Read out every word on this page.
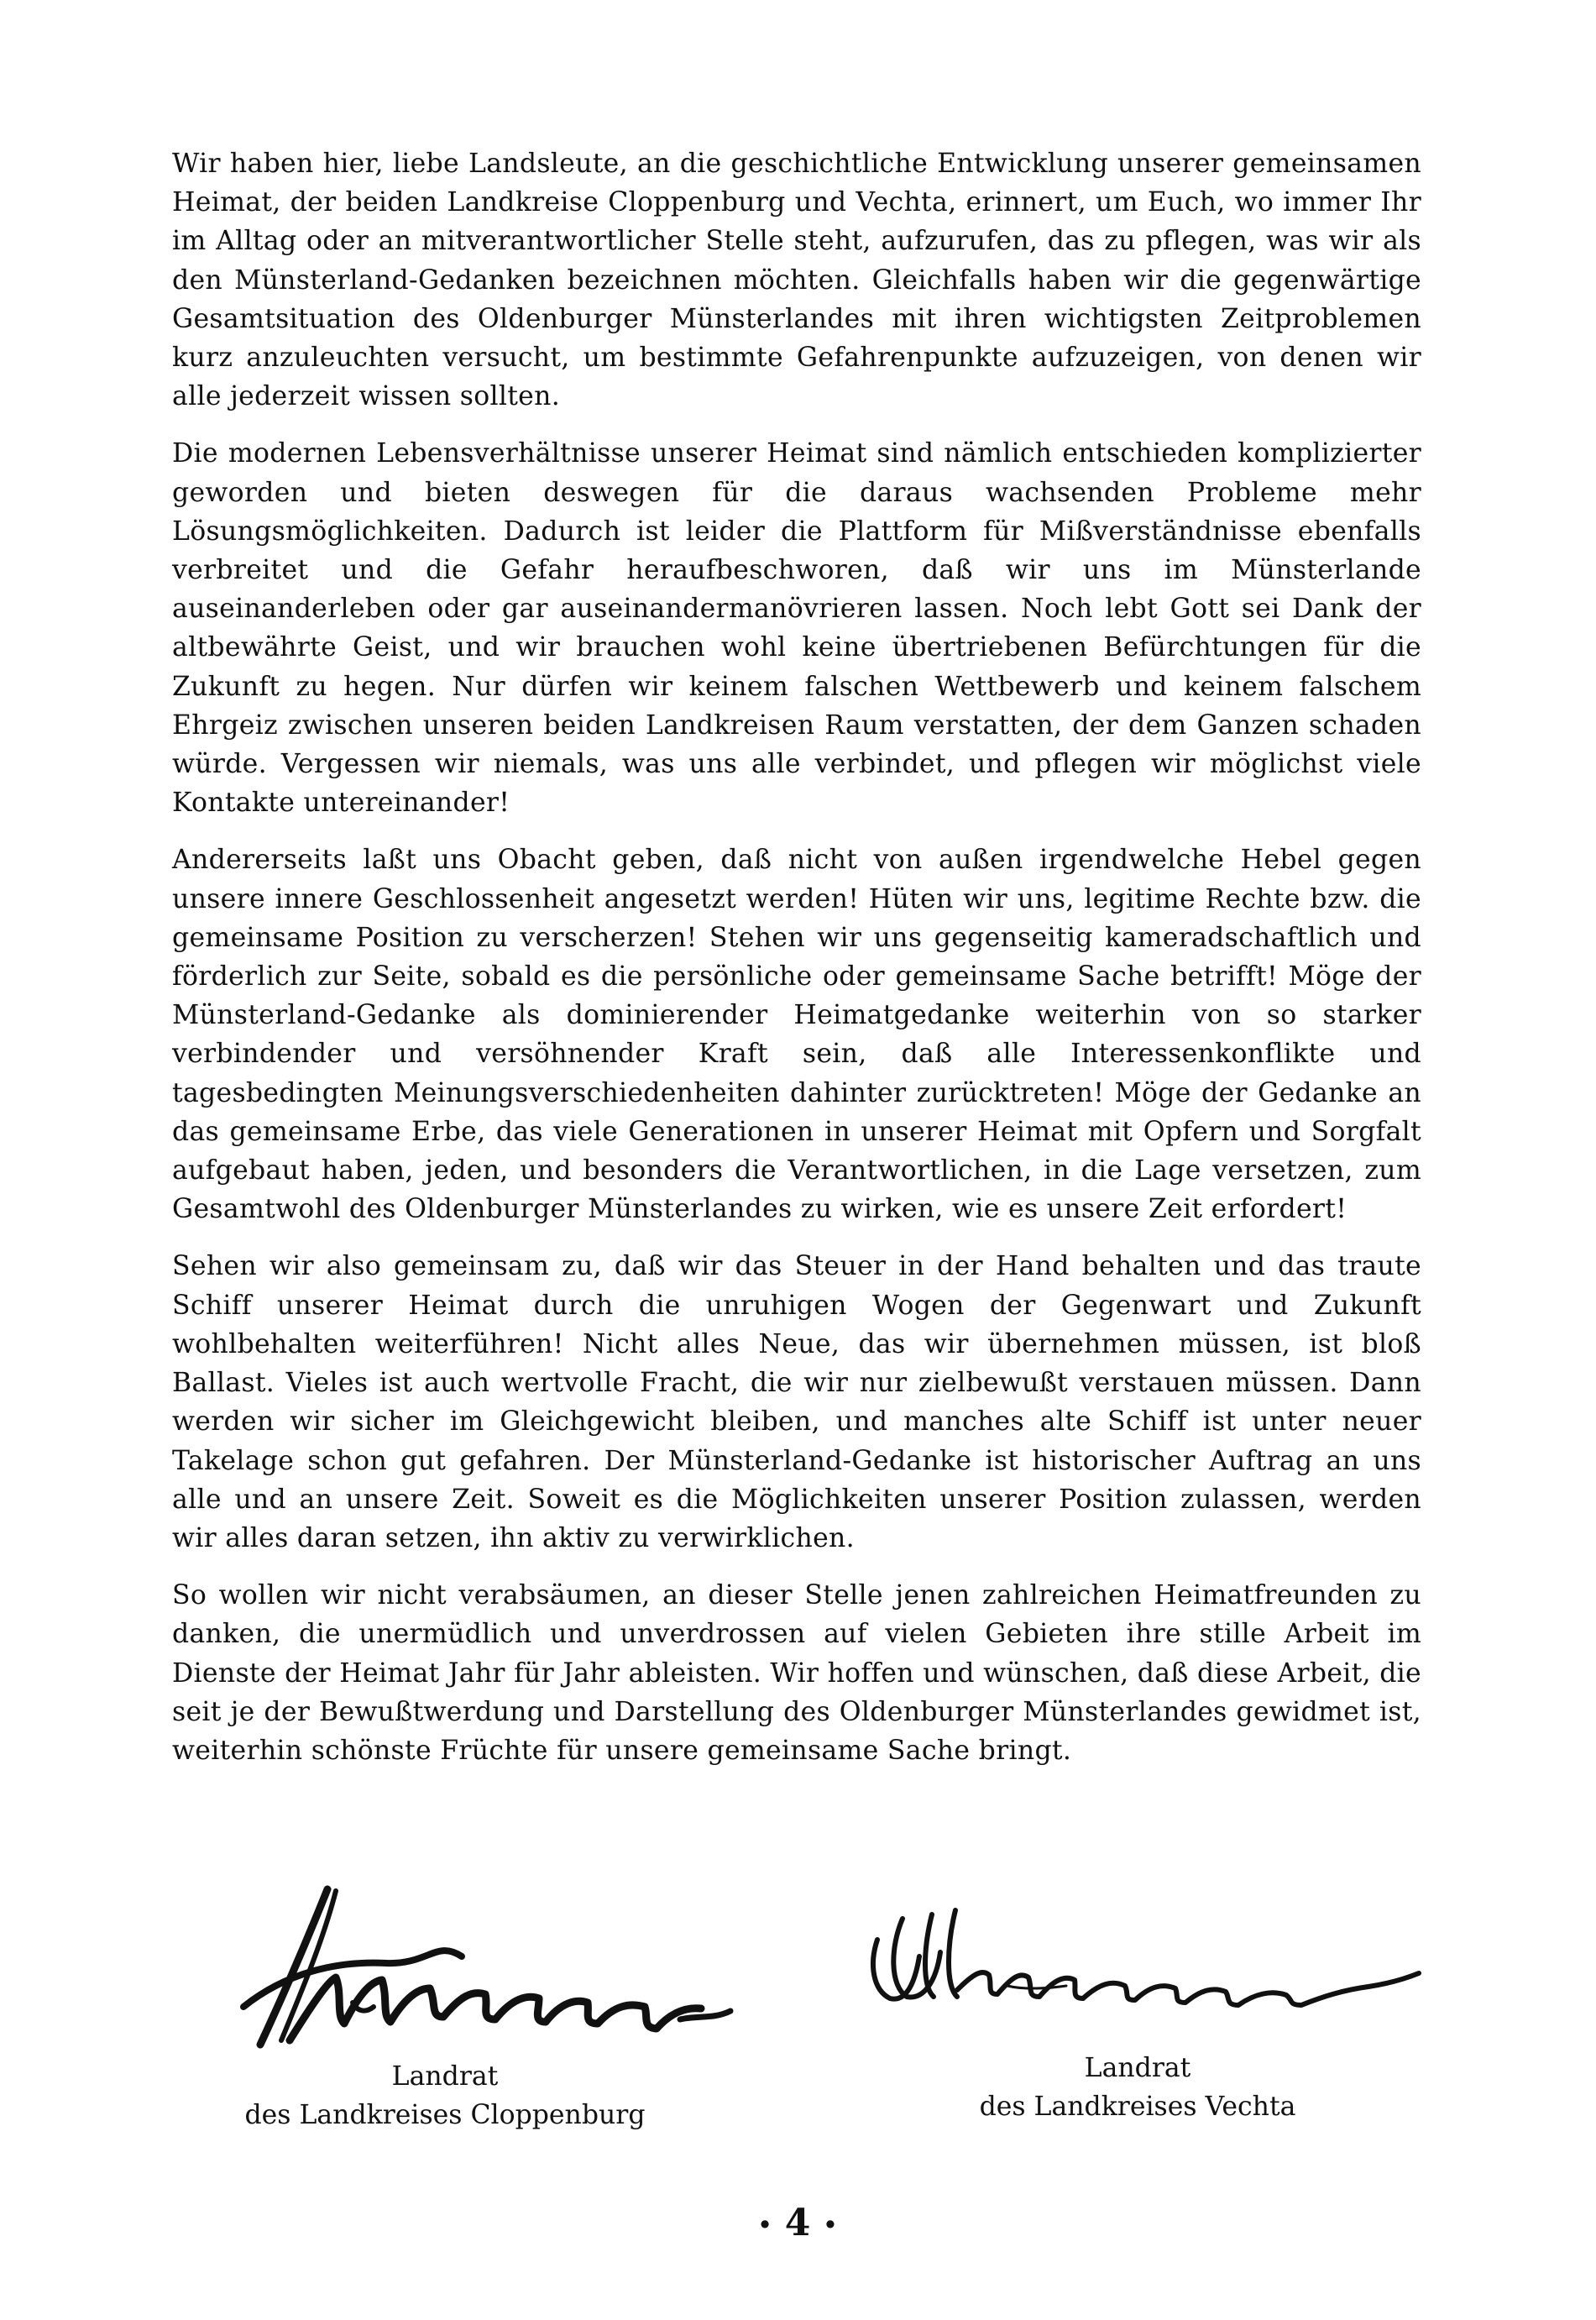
Wir haben hier, liebe Landsleute, an die geschichtliche Entwicklung unserer gemeinsamen Heimat, der beiden Landkreise Cloppenburg und Vechta, erinnert, um Euch, wo immer Ihr im Alltag oder an mitverantwortlicher Stelle steht, aufzurufen, das zu pflegen, was wir als den Münsterland-Gedanken bezeichnen möchten. Gleichfalls haben wir die gegenwärtige Gesamtsituation des Oldenburger Münsterlandes mit ihren wichtigsten Zeitproblemen kurz anzuleuchten versucht, um bestimmte Gefahrenpunkte aufzuzeigen, von denen wir alle jederzeit wissen sollten.

Die modernen Lebensverhältnisse unserer Heimat sind nämlich entschieden komplizierter geworden und bieten deswegen für die daraus wachsenden Probleme mehr Lösungsmöglichkeiten. Dadurch ist leider die Plattform für Mißverständnisse ebenfalls verbreitet und die Gefahr heraufbeschworen, daß wir uns im Münsterlande auseinanderleben oder gar auseinandermanövrieren lassen. Noch lebt Gott sei Dank der altbewährte Geist, und wir brauchen wohl keine übertriebenen Befürchtungen für die Zukunft zu hegen. Nur dürfen wir keinem falschen Wettbewerb und keinem falschem Ehrgeiz zwischen unseren beiden Landkreisen Raum verstatten, der dem Ganzen schaden würde. Vergessen wir niemals, was uns alle verbindet, und pflegen wir möglichst viele Kontakte untereinander!

Andererseits laßt uns Obacht geben, daß nicht von außen irgendwelche Hebel gegen unsere innere Geschlossenheit angesetzt werden! Hüten wir uns, legitime Rechte bzw. die gemeinsame Position zu verscherzen! Stehen wir uns gegenseitig kameradschaftlich und förderlich zur Seite, sobald es die persönliche oder gemeinsame Sache betrifft! Möge der Münsterland-Gedanke als dominierender Heimatgedanke weiterhin von so starker verbindender und versöhnender Kraft sein, daß alle Interessenkonflikte und tagesbedingten Meinungsverschiedenheiten dahinter zurücktreten! Möge der Gedanke an das gemeinsame Erbe, das viele Generationen in unserer Heimat mit Opfern und Sorgfalt aufgebaut haben, jeden, und besonders die Verantwortlichen, in die Lage versetzen, zum Gesamtwohl des Oldenburger Münsterlandes zu wirken, wie es unsere Zeit erfordert!

Sehen wir also gemeinsam zu, daß wir das Steuer in der Hand behalten und das traute Schiff unserer Heimat durch die unruhigen Wogen der Gegenwart und Zukunft wohlbehalten weiterführen! Nicht alles Neue, das wir übernehmen müssen, ist bloß Ballast. Vieles ist auch wertvolle Fracht, die wir nur zielbewußt verstauen müssen. Dann werden wir sicher im Gleichgewicht bleiben, und manches alte Schiff ist unter neuer Takelage schon gut gefahren. Der Münsterland-Gedanke ist historischer Auftrag an uns alle und an unsere Zeit. Soweit es die Möglichkeiten unserer Position zulassen, werden wir alles daran setzen, ihn aktiv zu verwirklichen.

So wollen wir nicht verabsäumen, an dieser Stelle jenen zahlreichen Heimatfreunden zu danken, die unermüdlich und unverdrossen auf vielen Gebieten ihre stille Arbeit im Dienste der Heimat Jahr für Jahr ableisten. Wir hoffen und wünschen, daß diese Arbeit, die seit je der Bewußtwerdung und Darstellung des Oldenburger Münsterlandes gewidmet ist, weiterhin schönste Früchte für unsere gemeinsame Sache bringt.

Landrat
des Landkreises Cloppenburg
Landrat
des Landkreises Vechta
• 4 •
